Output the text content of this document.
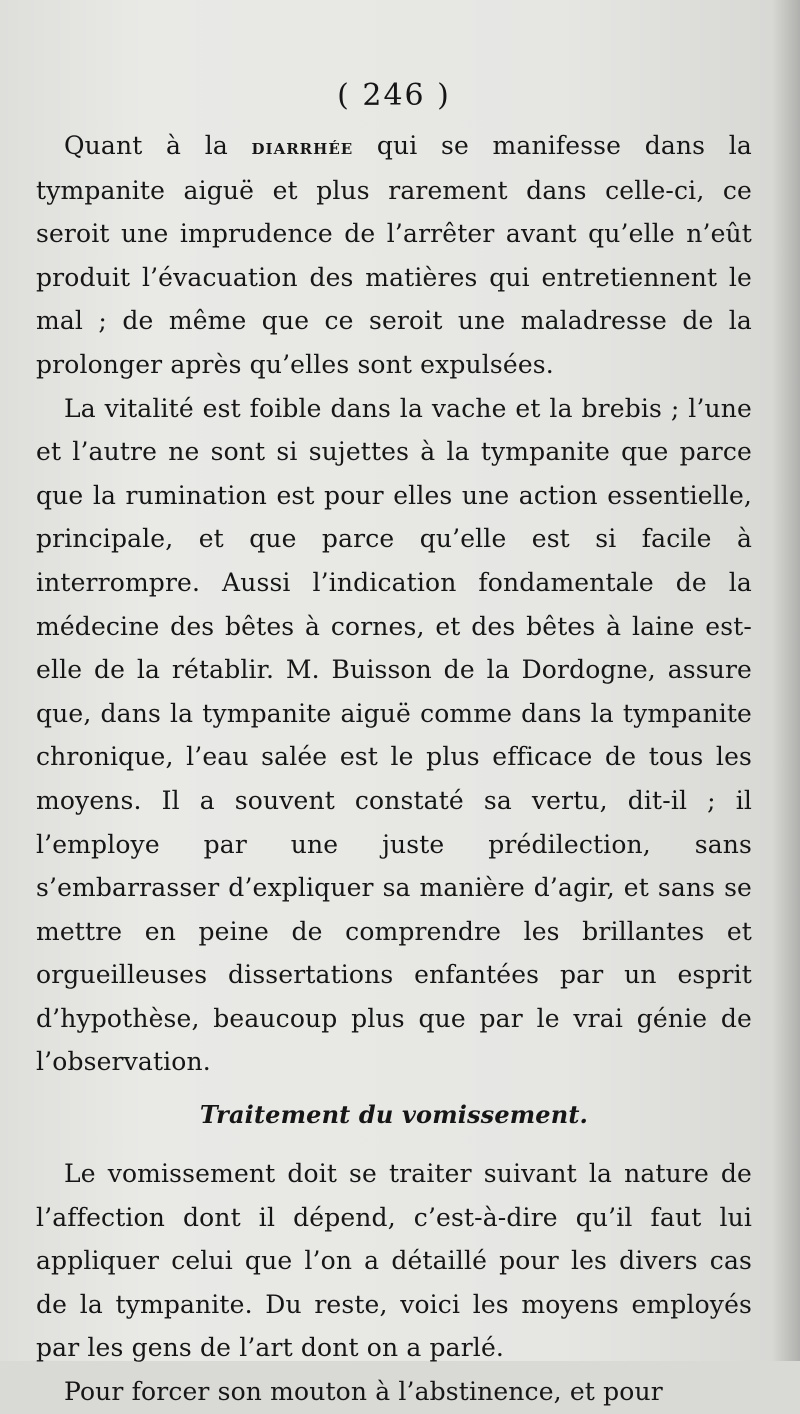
( 246 )

Quant à la diarrhée qui se manifesse dans la tympanite aiguë et plus rarement dans celle-ci, ce seroit une imprudence de l’arrêter avant qu’elle n’eût produit l’évacuation des matières qui entretiennent le mal ; de même que ce seroit une maladresse de la prolonger après qu’elles sont expulsées.

La vitalité est foible dans la vache et la brebis ; l’une et l’autre ne sont si sujettes à la tympanite que parce que la rumination est pour elles une action essentielle, principale, et que parce qu’elle est si facile à interrompre. Aussi l’indication fondamentale de la médecine des bêtes à cornes, et des bêtes à laine est-elle de la rétablir. M. Buisson de la Dordogne, assure que, dans la tympanite aiguë comme dans la tympanite chronique, l’eau salée est le plus efficace de tous les moyens. Il a souvent constaté sa vertu, dit-il ; il l’employe par une juste prédilection, sans s’embarrasser d’expliquer sa manière d’agir, et sans se mettre en peine de comprendre les brillantes et orgueilleuses dissertations enfantées par un esprit d’hypothèse, beaucoup plus que par le vrai génie de l’observation.

Traitement du vomissement.

Le vomissement doit se traiter suivant la nature de l’affection dont il dépend, c’est-à-dire qu’il faut lui appliquer celui que l’on a détaillé pour les divers cas de la tympanite. Du reste, voici les moyens employés par les gens de l’art dont on a parlé.

Pour forcer son mouton à l’abstinence, et pour
